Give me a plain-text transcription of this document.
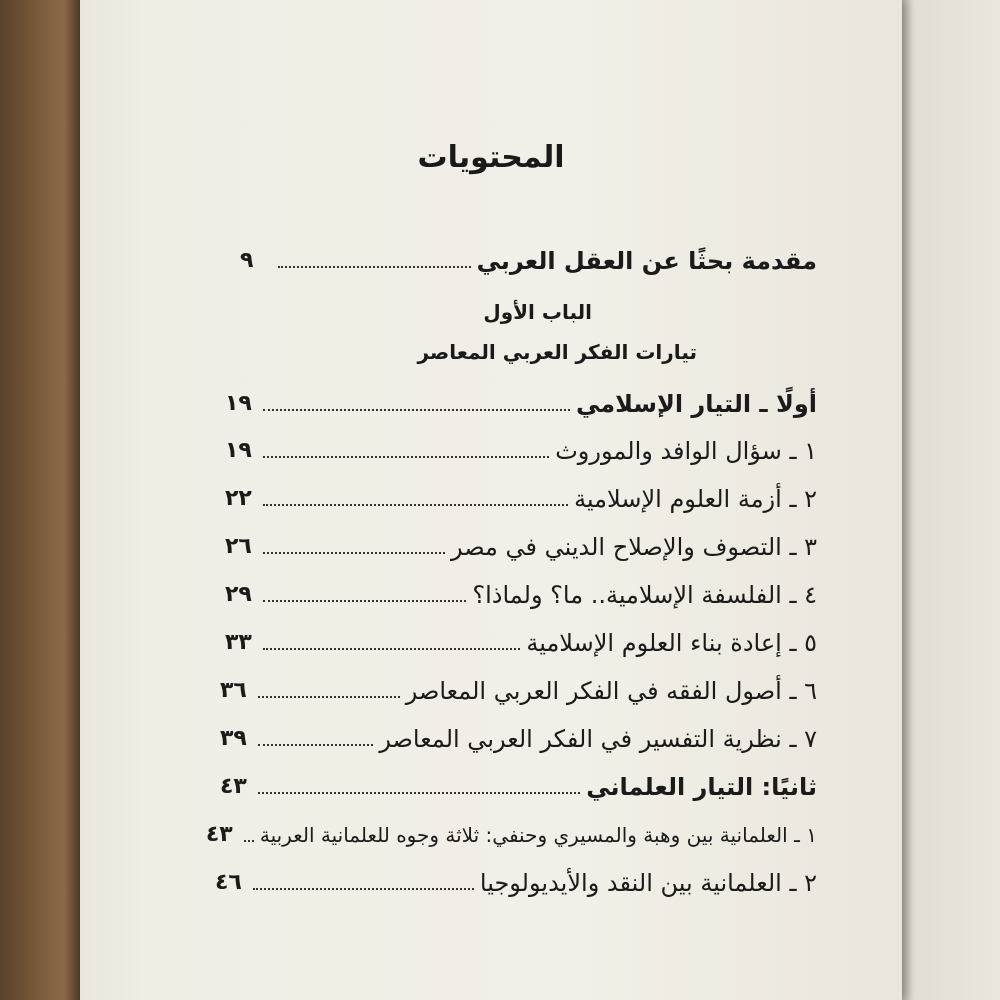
المحتويات
مقدمة بحثًا عن العقل العربي
٩
الباب الأول
تيارات الفكر العربي المعاصر
أولًا ـ التيار الإسلامي
١٩
١ ـ سؤال الوافد والموروث
١٩
٢ ـ أزمة العلوم الإسلامية
٢٢
٣ ـ التصوف والإصلاح الديني في مصر
٢٦
٤ ـ الفلسفة الإسلامية.. ما؟ ولماذا؟
٢٩
٥ ـ إعادة بناء العلوم الإسلامية
٣٣
٦ ـ أصول الفقه في الفكر العربي المعاصر
٣٦
٧ ـ نظرية التفسير في الفكر العربي المعاصر
٣٩
ثانيًا: التيار العلماني
٤٣
١ ـ العلمانية بين وهبة والمسيري وحنفي: ثلاثة وجوه للعلمانية العربية
٤٣
٢ ـ العلمانية بين النقد والأيديولوجيا
٤٦
